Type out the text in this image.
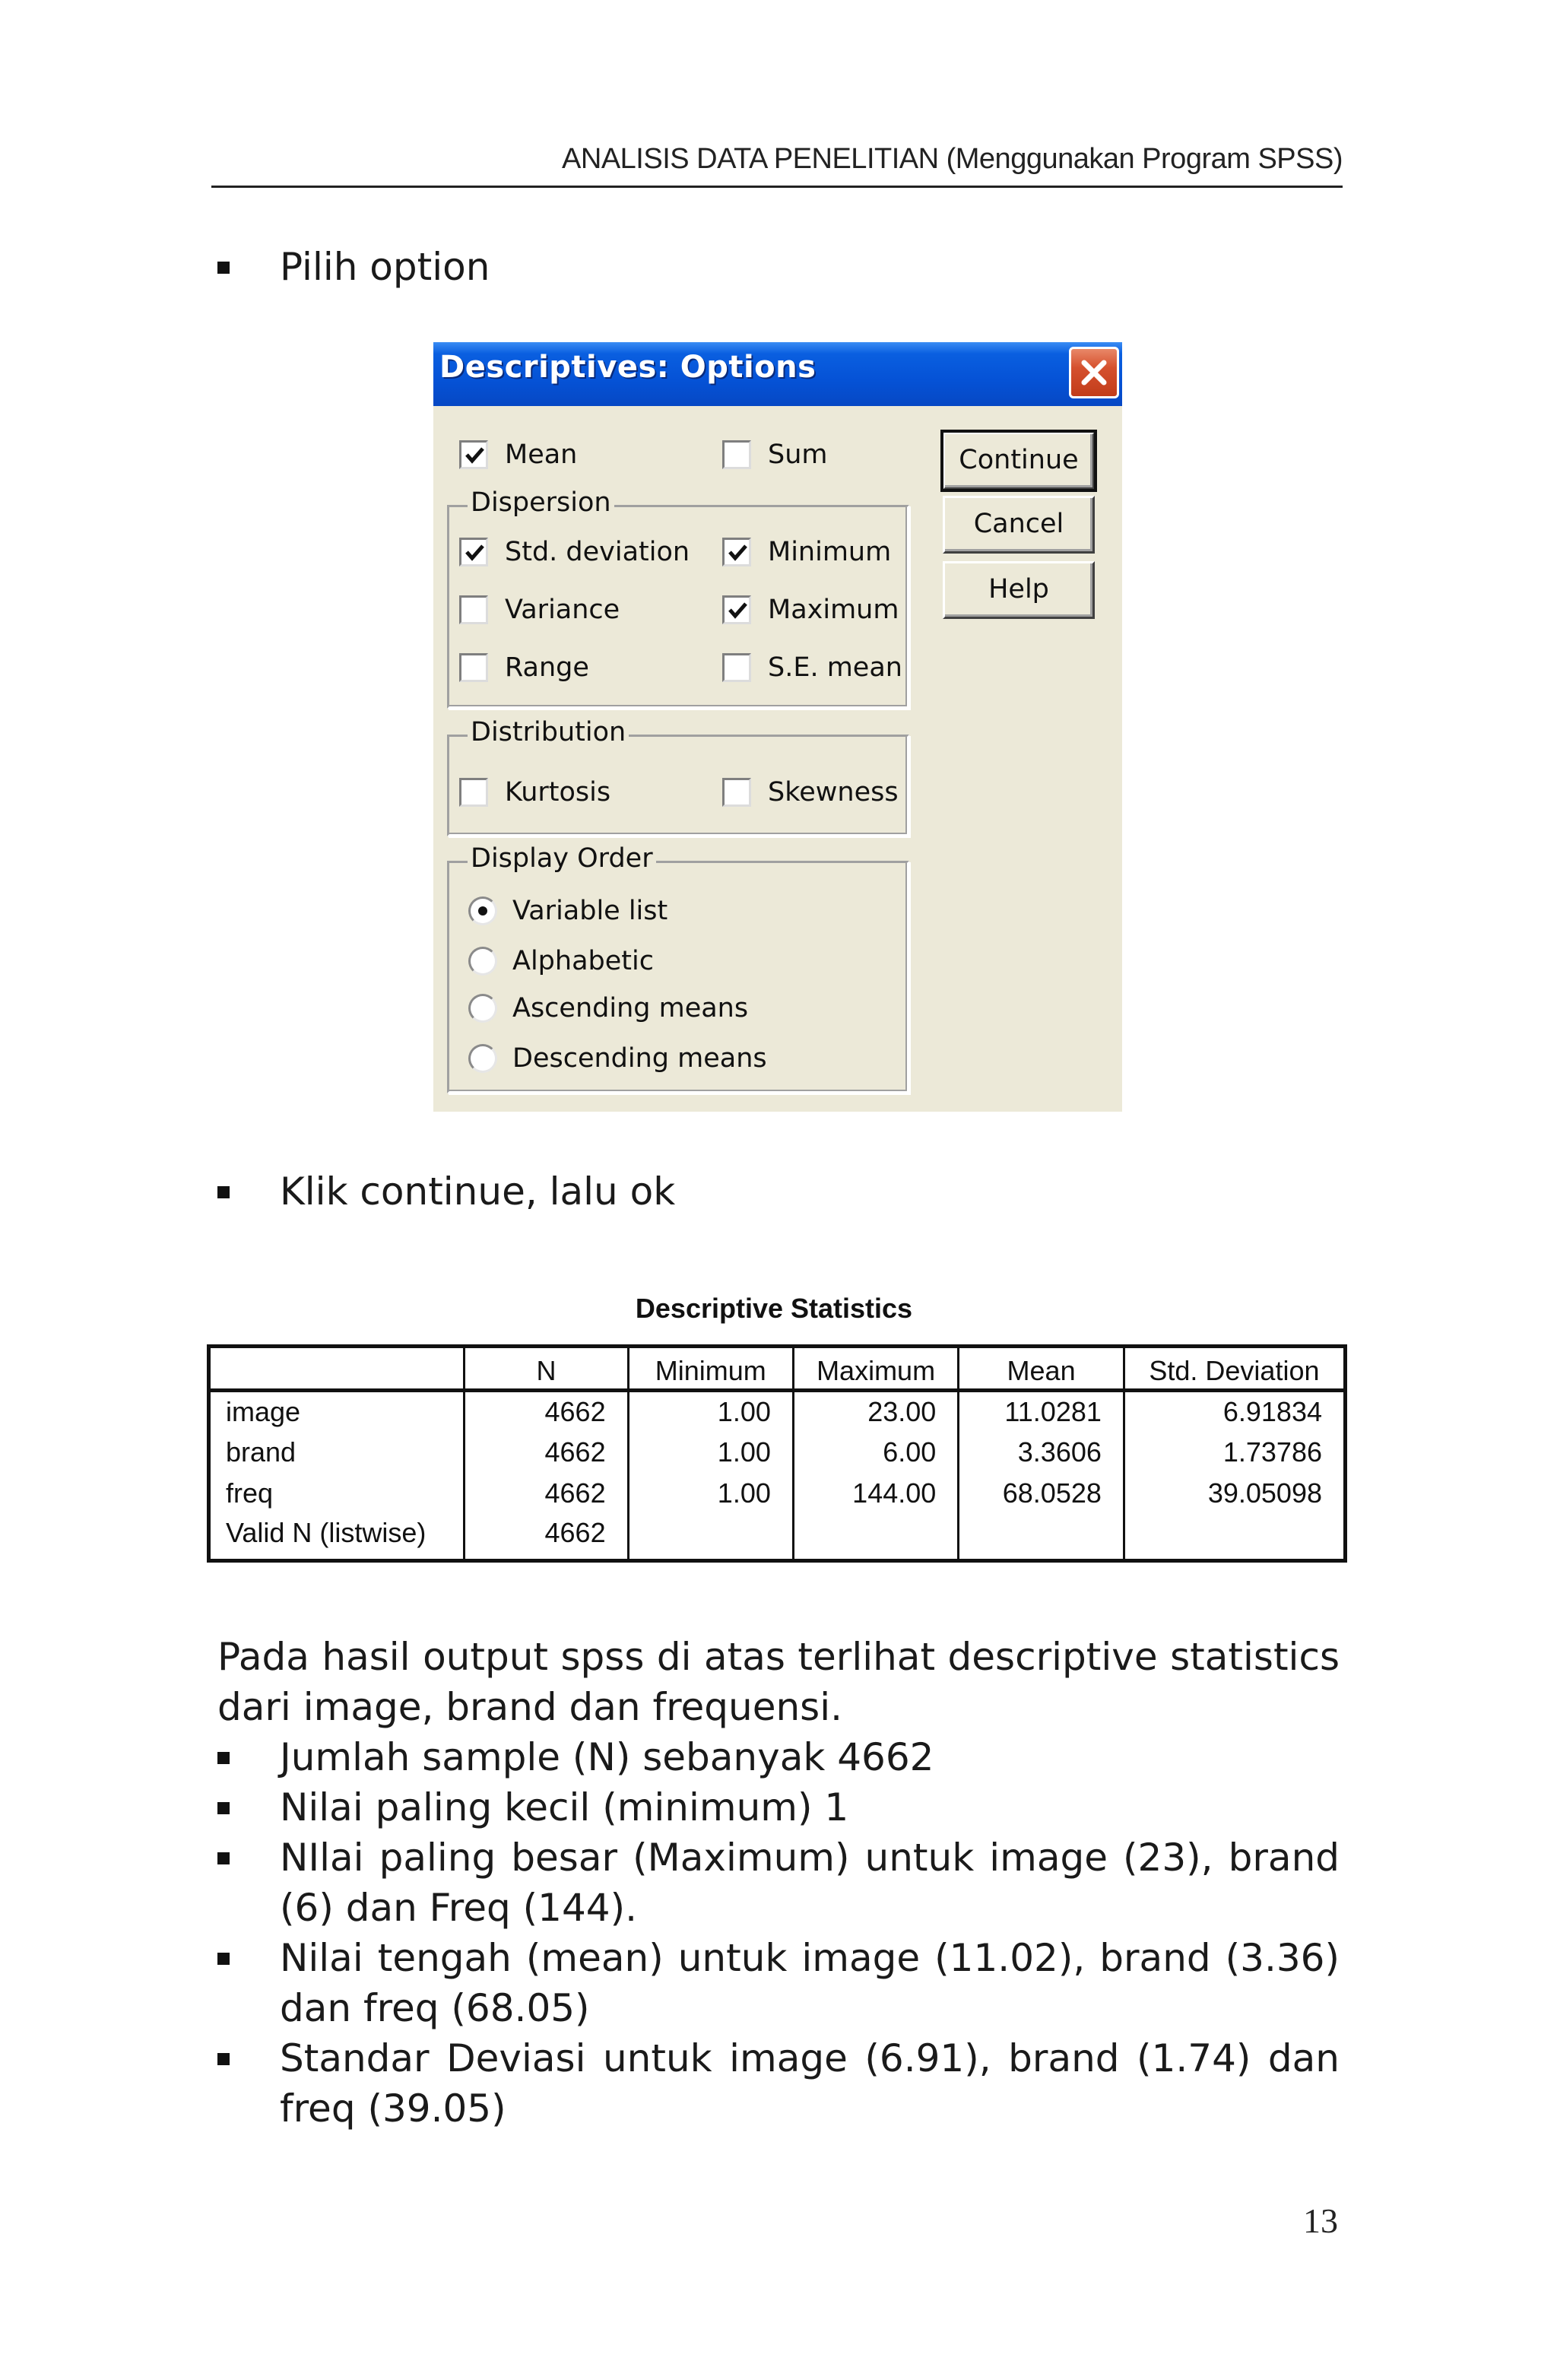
ANALISIS DATA PENELITIAN (Menggunakan Program SPSS)
Pilih option
Descriptives: Options
Mean	Sum
Dispersion
Std. deviation	Minimum
Variance	Maximum
Range	S.E. mean
Distribution
Kurtosis	Skewness
Display Order
Variable list
Alphabetic
Ascending means
Descending means
Continue
Cancel
Help
Klik continue, lalu ok
Descriptive Statistics
	N	Minimum	Maximum	Mean	Std. Deviation
image	4662	1.00	23.00	11.0281	6.91834
brand	4662	1.00	6.00	3.3606	1.73786
freq	4662	1.00	144.00	68.0528	39.05098
Valid N (listwise)	4662				
Pada hasil output spss di atas terlihat descriptive statistics dari image, brand dan frequensi.
Jumlah sample (N) sebanyak 4662
Nilai paling kecil (minimum) 1
NIlai paling besar (Maximum) untuk image (23), brand (6) dan Freq (144).
Nilai tengah (mean) untuk image (11.02), brand (3.36) dan freq (68.05)
Standar Deviasi untuk image (6.91), brand (1.74) dan freq (39.05)
13
